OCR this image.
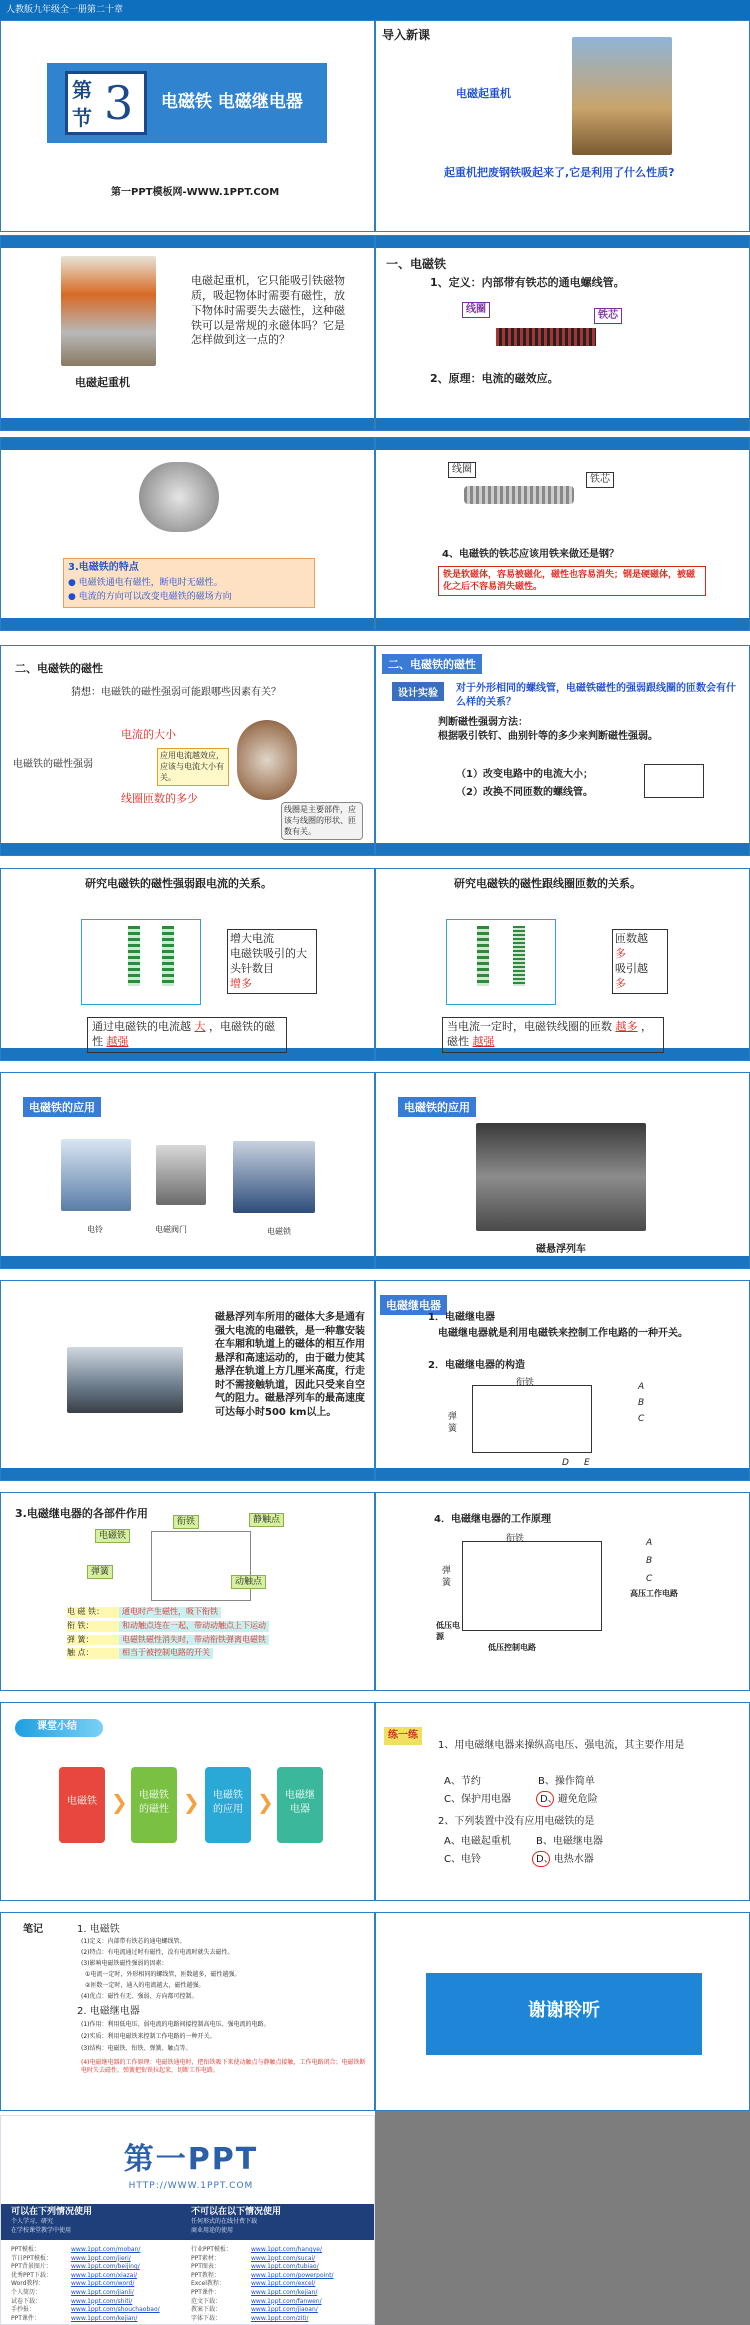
人教版九年级全一册第二十章
第
节 3	电磁铁 电磁继电器
第一PPT模板网-WWW.1PPT.COM
导入新课
电磁起重机
起重机把废钢铁吸起来了,它是利用了什么性质?
电磁起重机
电磁起重机，它只能吸引铁磁物质，吸起物体时需要有磁性，放下物体时需要失去磁性，这种磁铁可以是常规的永磁体吗？它是怎样做到这一点的？
一、电磁铁
1、定义：内部带有铁芯的通电螺线管。
线圈
铁芯
2、原理：电流的磁效应。
3.电磁铁的特点
● 电磁铁通电有磁性，断电时无磁性。
● 电流的方向可以改变电磁铁的磁场方向
线圈
铁芯
4、电磁铁的铁芯应该用铁来做还是钢？
铁是软磁体，容易被磁化，磁性也容易消失；钢是硬磁体，被磁化之后不容易消失磁性。
二、电磁铁的磁性
猜想：电磁铁的磁性强弱可能跟哪些因素有关？
电磁铁的磁性强弱
电流的大小
线圈匝数的多少
应用电流越效应，应该与电流大小有关。
线圈是主要部件，应该与线圈的形状、匝数有关。
二、电磁铁的磁性
设计实验	对于外形相同的螺线管，电磁铁磁性的强弱跟线圈的匝数会有什么样的关系？
判断磁性强弱方法：
根据吸引铁钉、曲别针等的多少来判断磁性强弱。
（1）改变电路中的电流大小；
（2）改换不同匝数的螺线管。
研究电磁铁的磁性强弱跟电流的关系。
增大电流
电磁铁吸引的大头针数目
增多
通过电磁铁的电流越 大 ，电磁铁的磁性 越强
研究电磁铁的磁性跟线圈匝数的关系。
匝数越
多
吸引越
多
当电流一定时，电磁铁线圈的匝数 越多 ，磁性 越强
电磁铁的应用
电铃	电磁阀门	电磁锁
电磁铁的应用
磁悬浮列车
磁悬浮列车所用的磁体大多是通有强大电流的电磁铁，是一种靠安装在车厢和轨道上的磁体的相互作用悬浮和高速运动的，由于磁力使其悬浮在轨道上方几厘米高度，行走时不需接触轨道，因此只受来自空气的阻力。磁悬浮列车的最高速度可达每小时500 km以上。
电磁继电器
1．电磁继电器
电磁继电器就是利用电磁铁来控制工作电路的一种开关。
2．电磁继电器的构造
衔铁
弹簧
A
B
C
D E
3.电磁继电器的各部件作用
电磁铁
衔铁	静触点
弹簧
动触点
电 磁 铁：	通电时产生磁性，吸下衔铁
衔 铁：	和动触点连在一起，带动动触点上下运动
弹 簧：	电磁铁磁性消失时，带动衔铁弹离电磁铁
触 点：	相当于被控制电路的开关
4．电磁继电器的工作原理
衔铁
弹簧
A
B
C
高压工作电路
低压电源
低压控制电路
课堂小结
电磁铁 ❯	电磁铁的磁性 ❯	电磁铁的应用 ❯	电磁继电器
练一练
1、用电磁继电器来操纵高电压、强电流，其主要作用是
A、节约	B、操作简单
C、保护用电器	D、避免危险
2、下列装置中没有应用电磁铁的是
A、电磁起重机	B、电磁继电器
C、电铃	D、电热水器
笔记	1. 电磁铁
(1)定义：内部带有铁芯的通电螺线管。
(2)特点：有电流通过时有磁性，没有电流时就失去磁性。
(3)影响电磁铁磁性强弱的因素：
①电流一定时，外形相同的螺线管，匝数越多，磁性越强。
②匝数一定时，通入的电流越大，磁性越强。
(4)优点：磁性有无、强弱、方向都可控制。
2. 电磁继电器
(1)作用：利用低电压、弱电流的电路间接控制高电压、强电流的电路。
(2)实质：利用电磁铁来控制工作电路的一种开关。
(3)结构：电磁铁、衔铁、弹簧、触点等。
(4)电磁继电器的工作原理：电磁铁通电时，把衔铁吸下来使动触点与静触点接触，工作电路闭合；电磁铁断电时失去磁性，弹簧把衔铁拉起来，切断工作电路。
谢谢聆听
第一PPT
HTTP://WWW.1PPT.COM
可以在下列情况使用
个人学习、研究
在学校课堂教学中使用
不可以在以下情况使用
任何形式的在线付费下载
商业用途的使用
PPT模板：	www.1ppt.com/moban/
节日PPT模板：	www.1ppt.com/jieri/
PPT背景图片：	www.1ppt.com/beijing/
优秀PPT下载：	www.1ppt.com/xiazai/
Word教程：	www.1ppt.com/word/
个人简历：	www.1ppt.com/jianli/
试卷下载：	www.1ppt.com/shiti/
手抄报：	www.1ppt.com/shouchaobao/
PPT课件：	www.1ppt.com/kejian/
行业PPT模板：	www.1ppt.com/hangye/
PPT素材：	www.1ppt.com/sucai/
PPT图表：	www.1ppt.com/tubiao/
PPT教程：	www.1ppt.com/powerpoint/
Excel教程：	www.1ppt.com/excel/
PPT课件：	www.1ppt.com/kejian/
范文下载：	www.1ppt.com/fanwen/
教案下载：	www.1ppt.com/jiaoan/
字体下载：	www.1ppt.com/ziti/
